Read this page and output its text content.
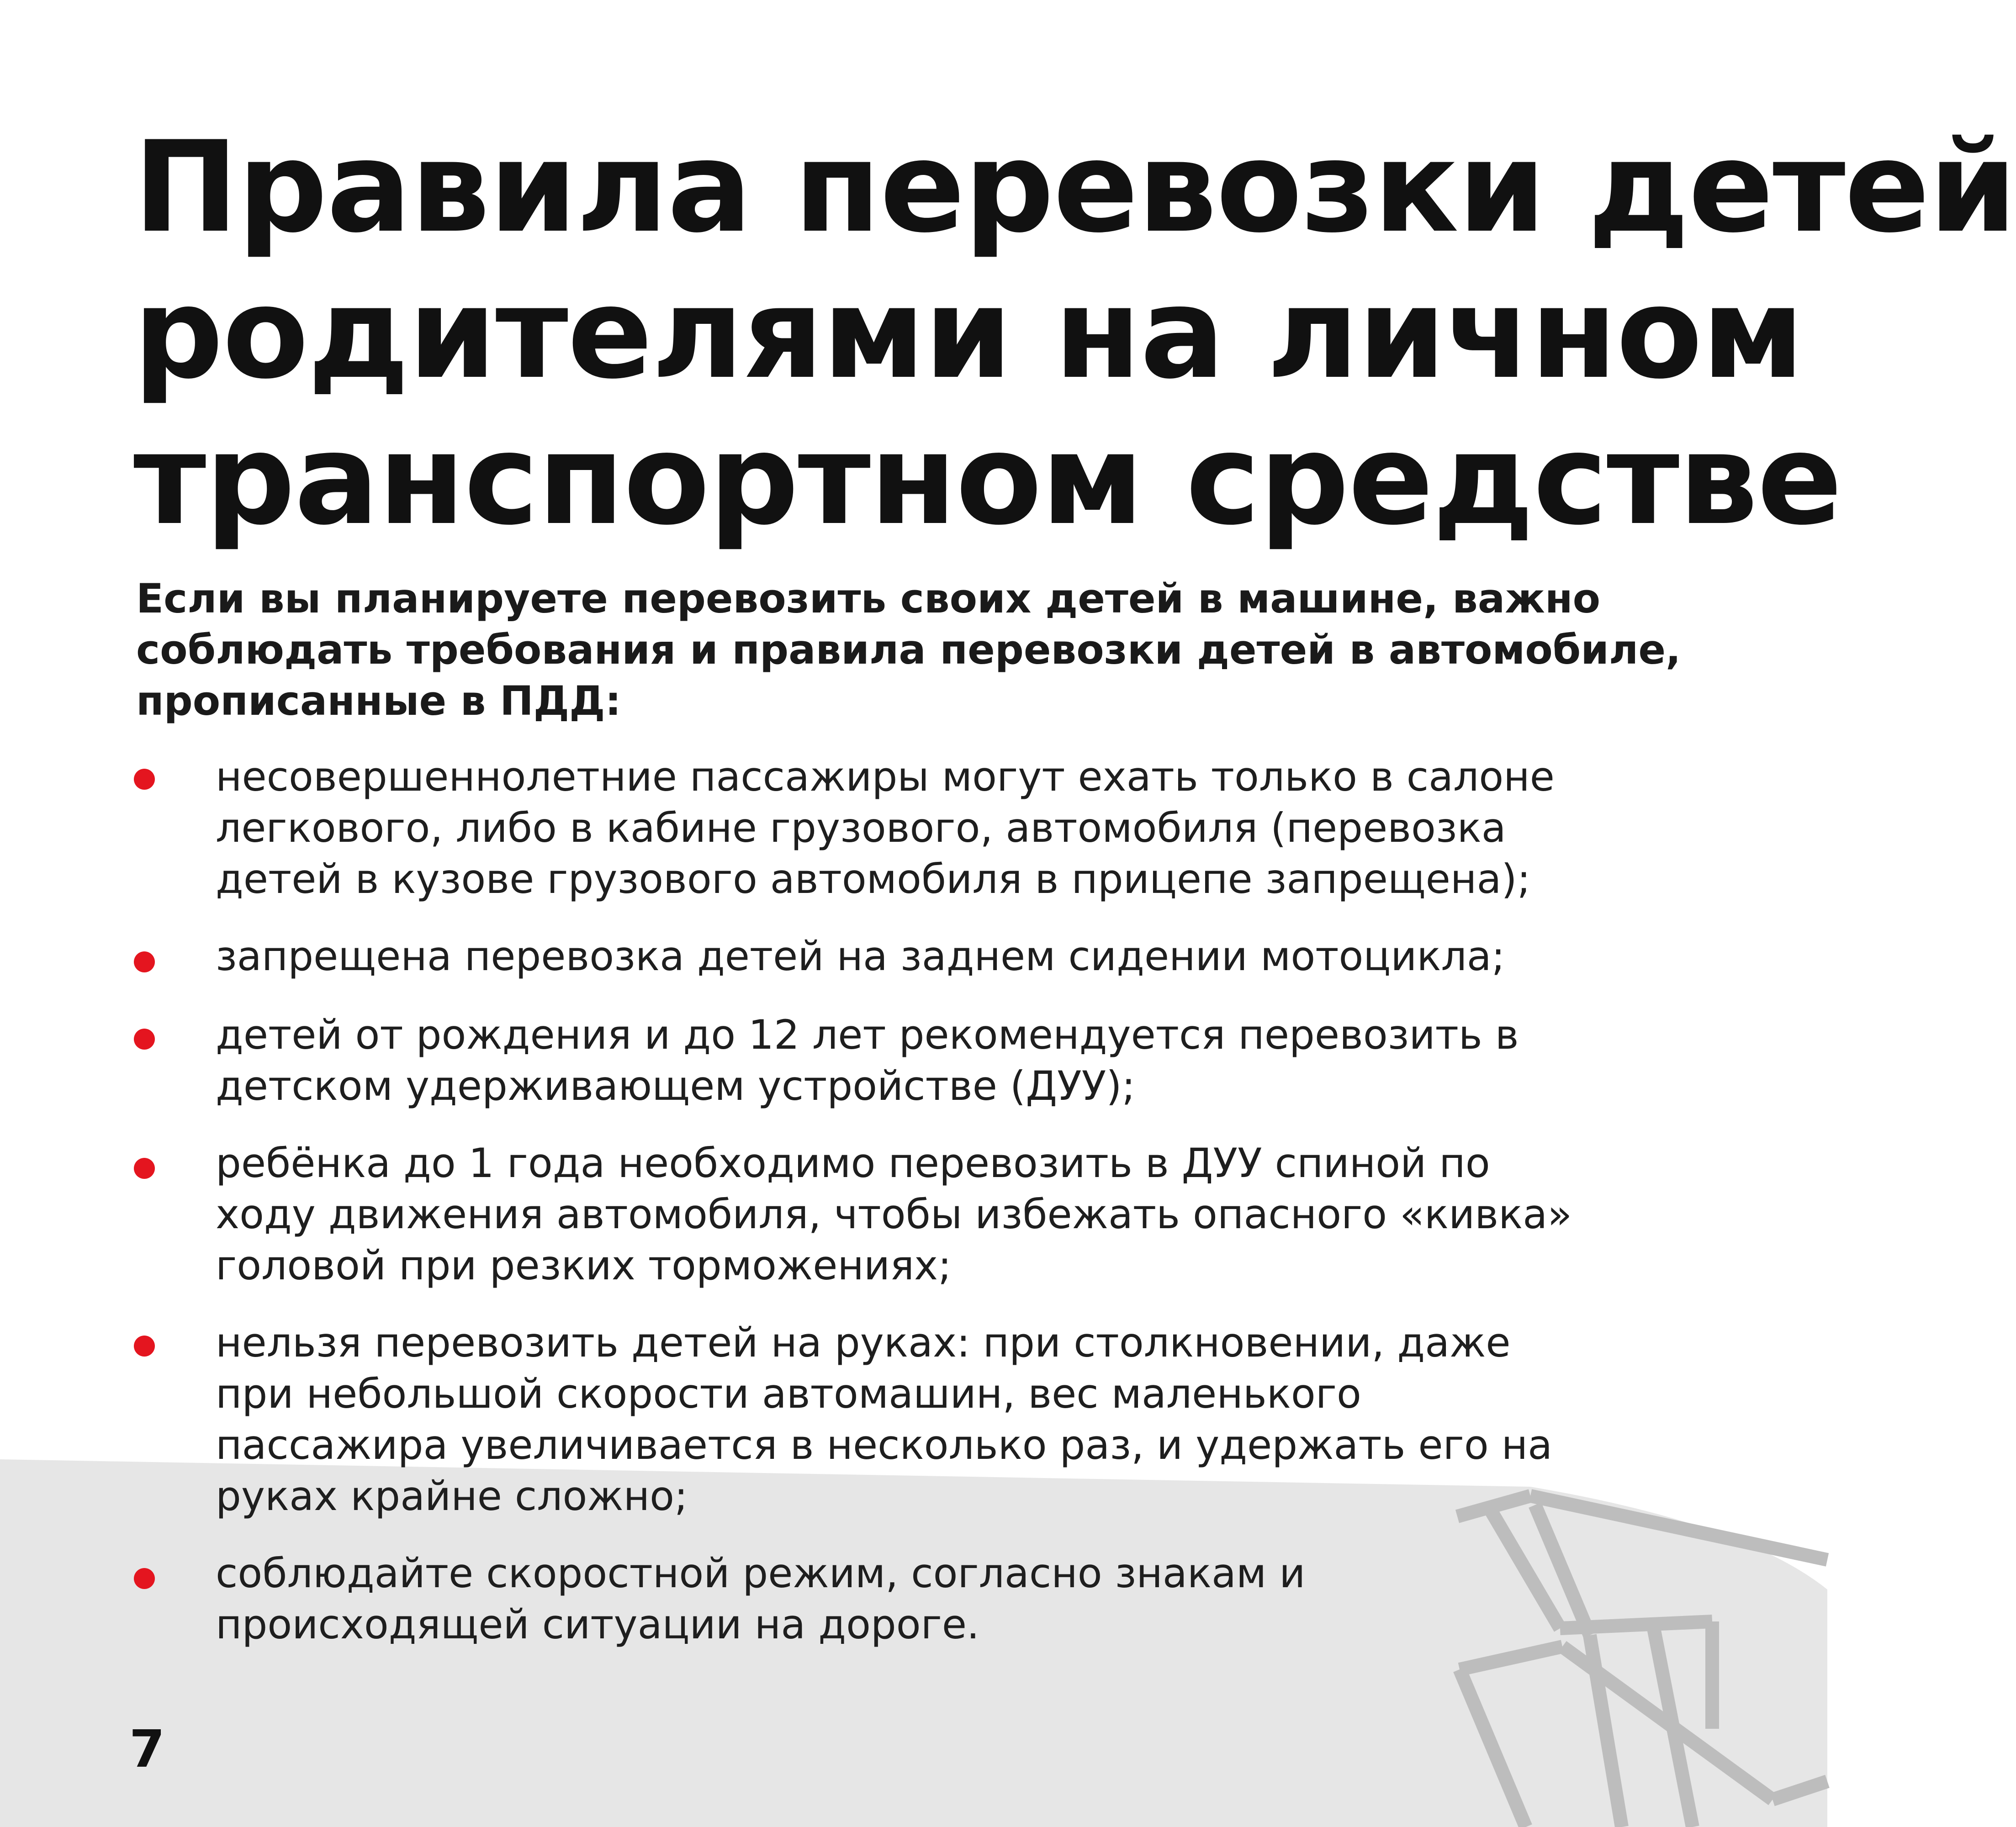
Правила перевозки детей
родителями на личном
транспортном средстве

Если вы планируете перевозить своих детей в машине, важно
соблюдать требования и правила перевозки детей в автомобиле,
прописанные в ПДД:

несовершеннолетние пассажиры могут ехать только в салоне
легкового, либо в кабине грузового, автомобиля (перевозка
детей в кузове грузового автомобиля в прицепе запрещена);
запрещена перевозка детей на заднем сидении мотоцикла;
детей от рождения и до 12 лет рекомендуется перевозить в
детском удерживающем устройстве (ДУУ);
ребёнка до 1 года необходимо перевозить в ДУУ спиной по
ходу движения автомобиля, чтобы избежать опасного «кивка»
головой при резких торможениях;
нельзя перевозить детей на руках: при столкновении, даже
при небольшой скорости автомашин, вес маленького
пассажира увеличивается в несколько раз, и удержать его на
руках крайне сложно;
соблюдайте скоростной режим, согласно знакам и
происходящей ситуации на дороге.
7
